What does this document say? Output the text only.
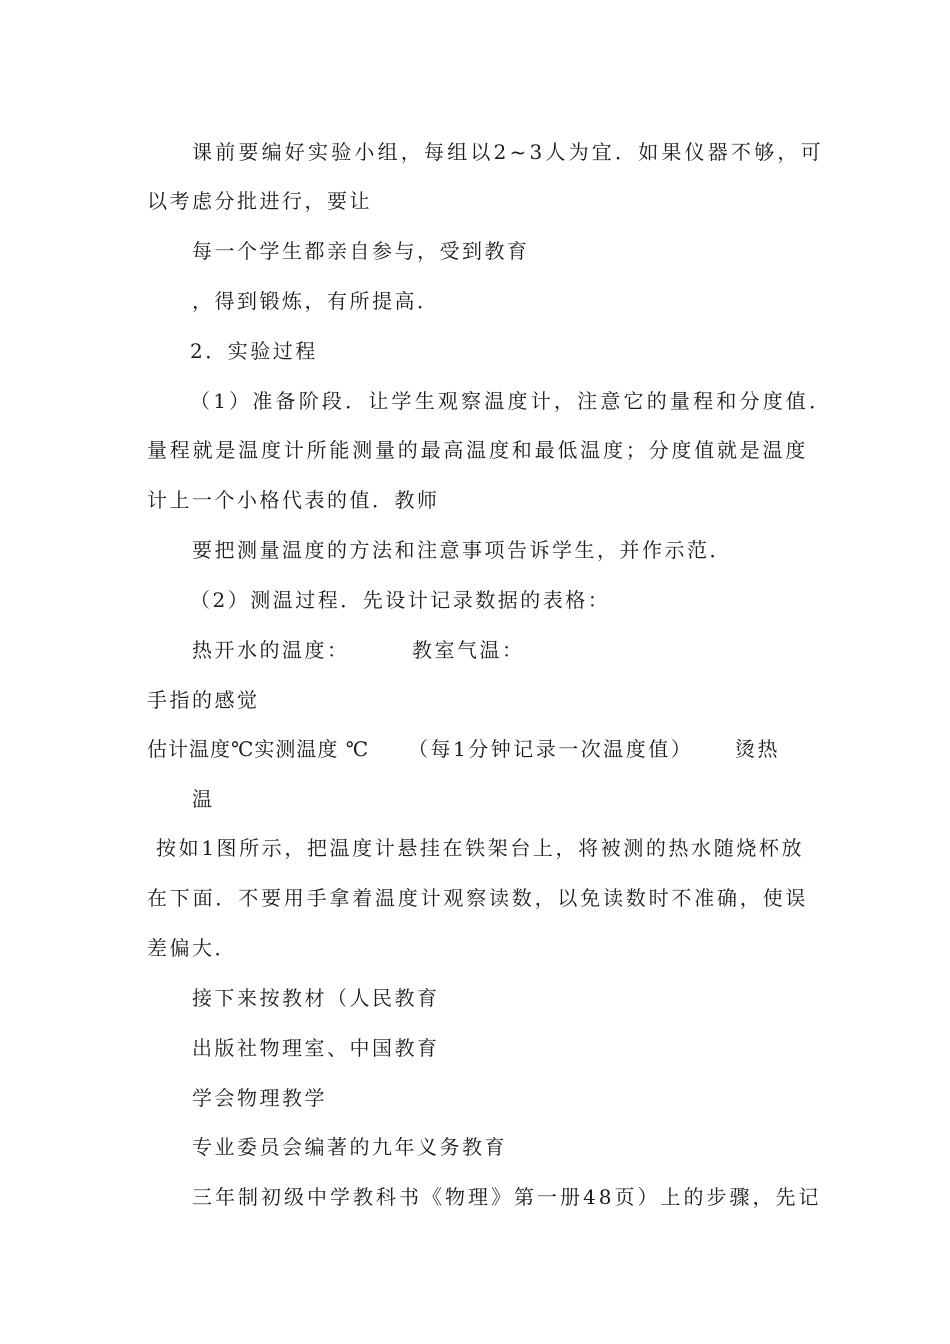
课前要编好实验小组，每组以2~3人为宜．如果仪器不够，可
以考虑分批进行，要让
每一个学生都亲自参与，受到教育
，得到锻炼，有所提高．
2．实验过程
（1）准备阶段．让学生观察温度计，注意它的量程和分度值．
量程就是温度计所能测量的最高温度和最低温度；分度值就是温度
计上一个小格代表的值．教师
要把测量温度的方法和注意事项告诉学生，并作示范．
（2）测温过程．先设计记录数据的表格：
热开水的温度：	教室气温：
手指的感觉
估计温度℃实测温度 ℃ （每1分钟记录一次温度值） 烫热
温
按如1图所示，把温度计悬挂在铁架台上，将被测的热水随烧杯放
在下面．不要用手拿着温度计观察读数，以免读数时不准确，使误
差偏大．
接下来按教材（人民教育
出版社物理室、中国教育
学会物理教学
专业委员会编著的九年义务教育
三年制初级中学教科书《物理》第一册48页）上的步骤，先记
